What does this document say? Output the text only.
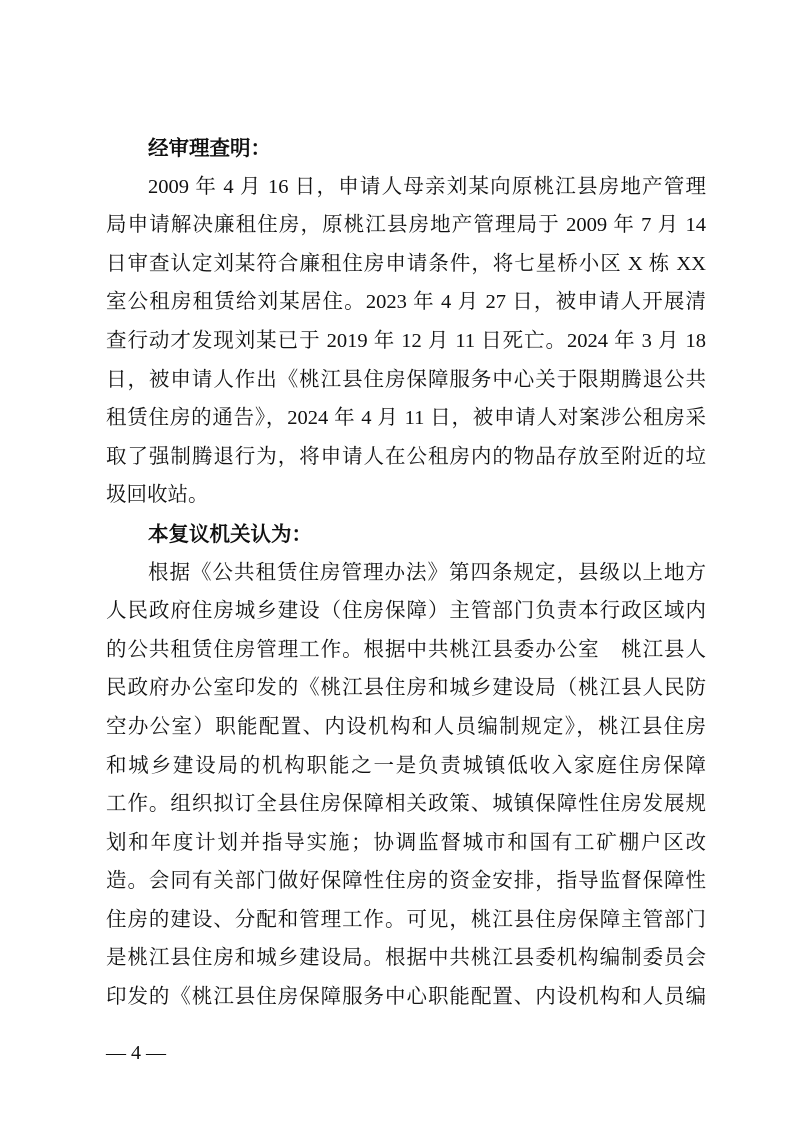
经审理查明：
2009 年 4 月 16 日，申请人母亲刘某向原桃江县房地产管理
局申请解决廉租住房，原桃江县房地产管理局于 2009 年 7 月 14
日审查认定刘某符合廉租住房申请条件，将七星桥小区 X 栋 XX
室公租房租赁给刘某居住。2023 年 4 月 27 日，被申请人开展清
查行动才发现刘某已于 2019 年 12 月 11 日死亡。2024 年 3 月 18
日，被申请人作出《桃江县住房保障服务中心关于限期腾退公共
租赁住房的通告》，2024 年 4 月 11 日，被申请人对案涉公租房采
取了强制腾退行为，将申请人在公租房内的物品存放至附近的垃
圾回收站。
本复议机关认为：
根据《公共租赁住房管理办法》第四条规定，县级以上地方
人民政府住房城乡建设（住房保障）主管部门负责本行政区域内
的公共租赁住房管理工作。根据中共桃江县委办公室　桃江县人
民政府办公室印发的《桃江县住房和城乡建设局（桃江县人民防
空办公室）职能配置、内设机构和人员编制规定》，桃江县住房
和城乡建设局的机构职能之一是负责城镇低收入家庭住房保障
工作。组织拟订全县住房保障相关政策、城镇保障性住房发展规
划和年度计划并指导实施；协调监督城市和国有工矿棚户区改
造。会同有关部门做好保障性住房的资金安排，指导监督保障性
住房的建设、分配和管理工作。可见，桃江县住房保障主管部门
是桃江县住房和城乡建设局。根据中共桃江县委机构编制委员会
印发的《桃江县住房保障服务中心职能配置、内设机构和人员编
— 4 —
